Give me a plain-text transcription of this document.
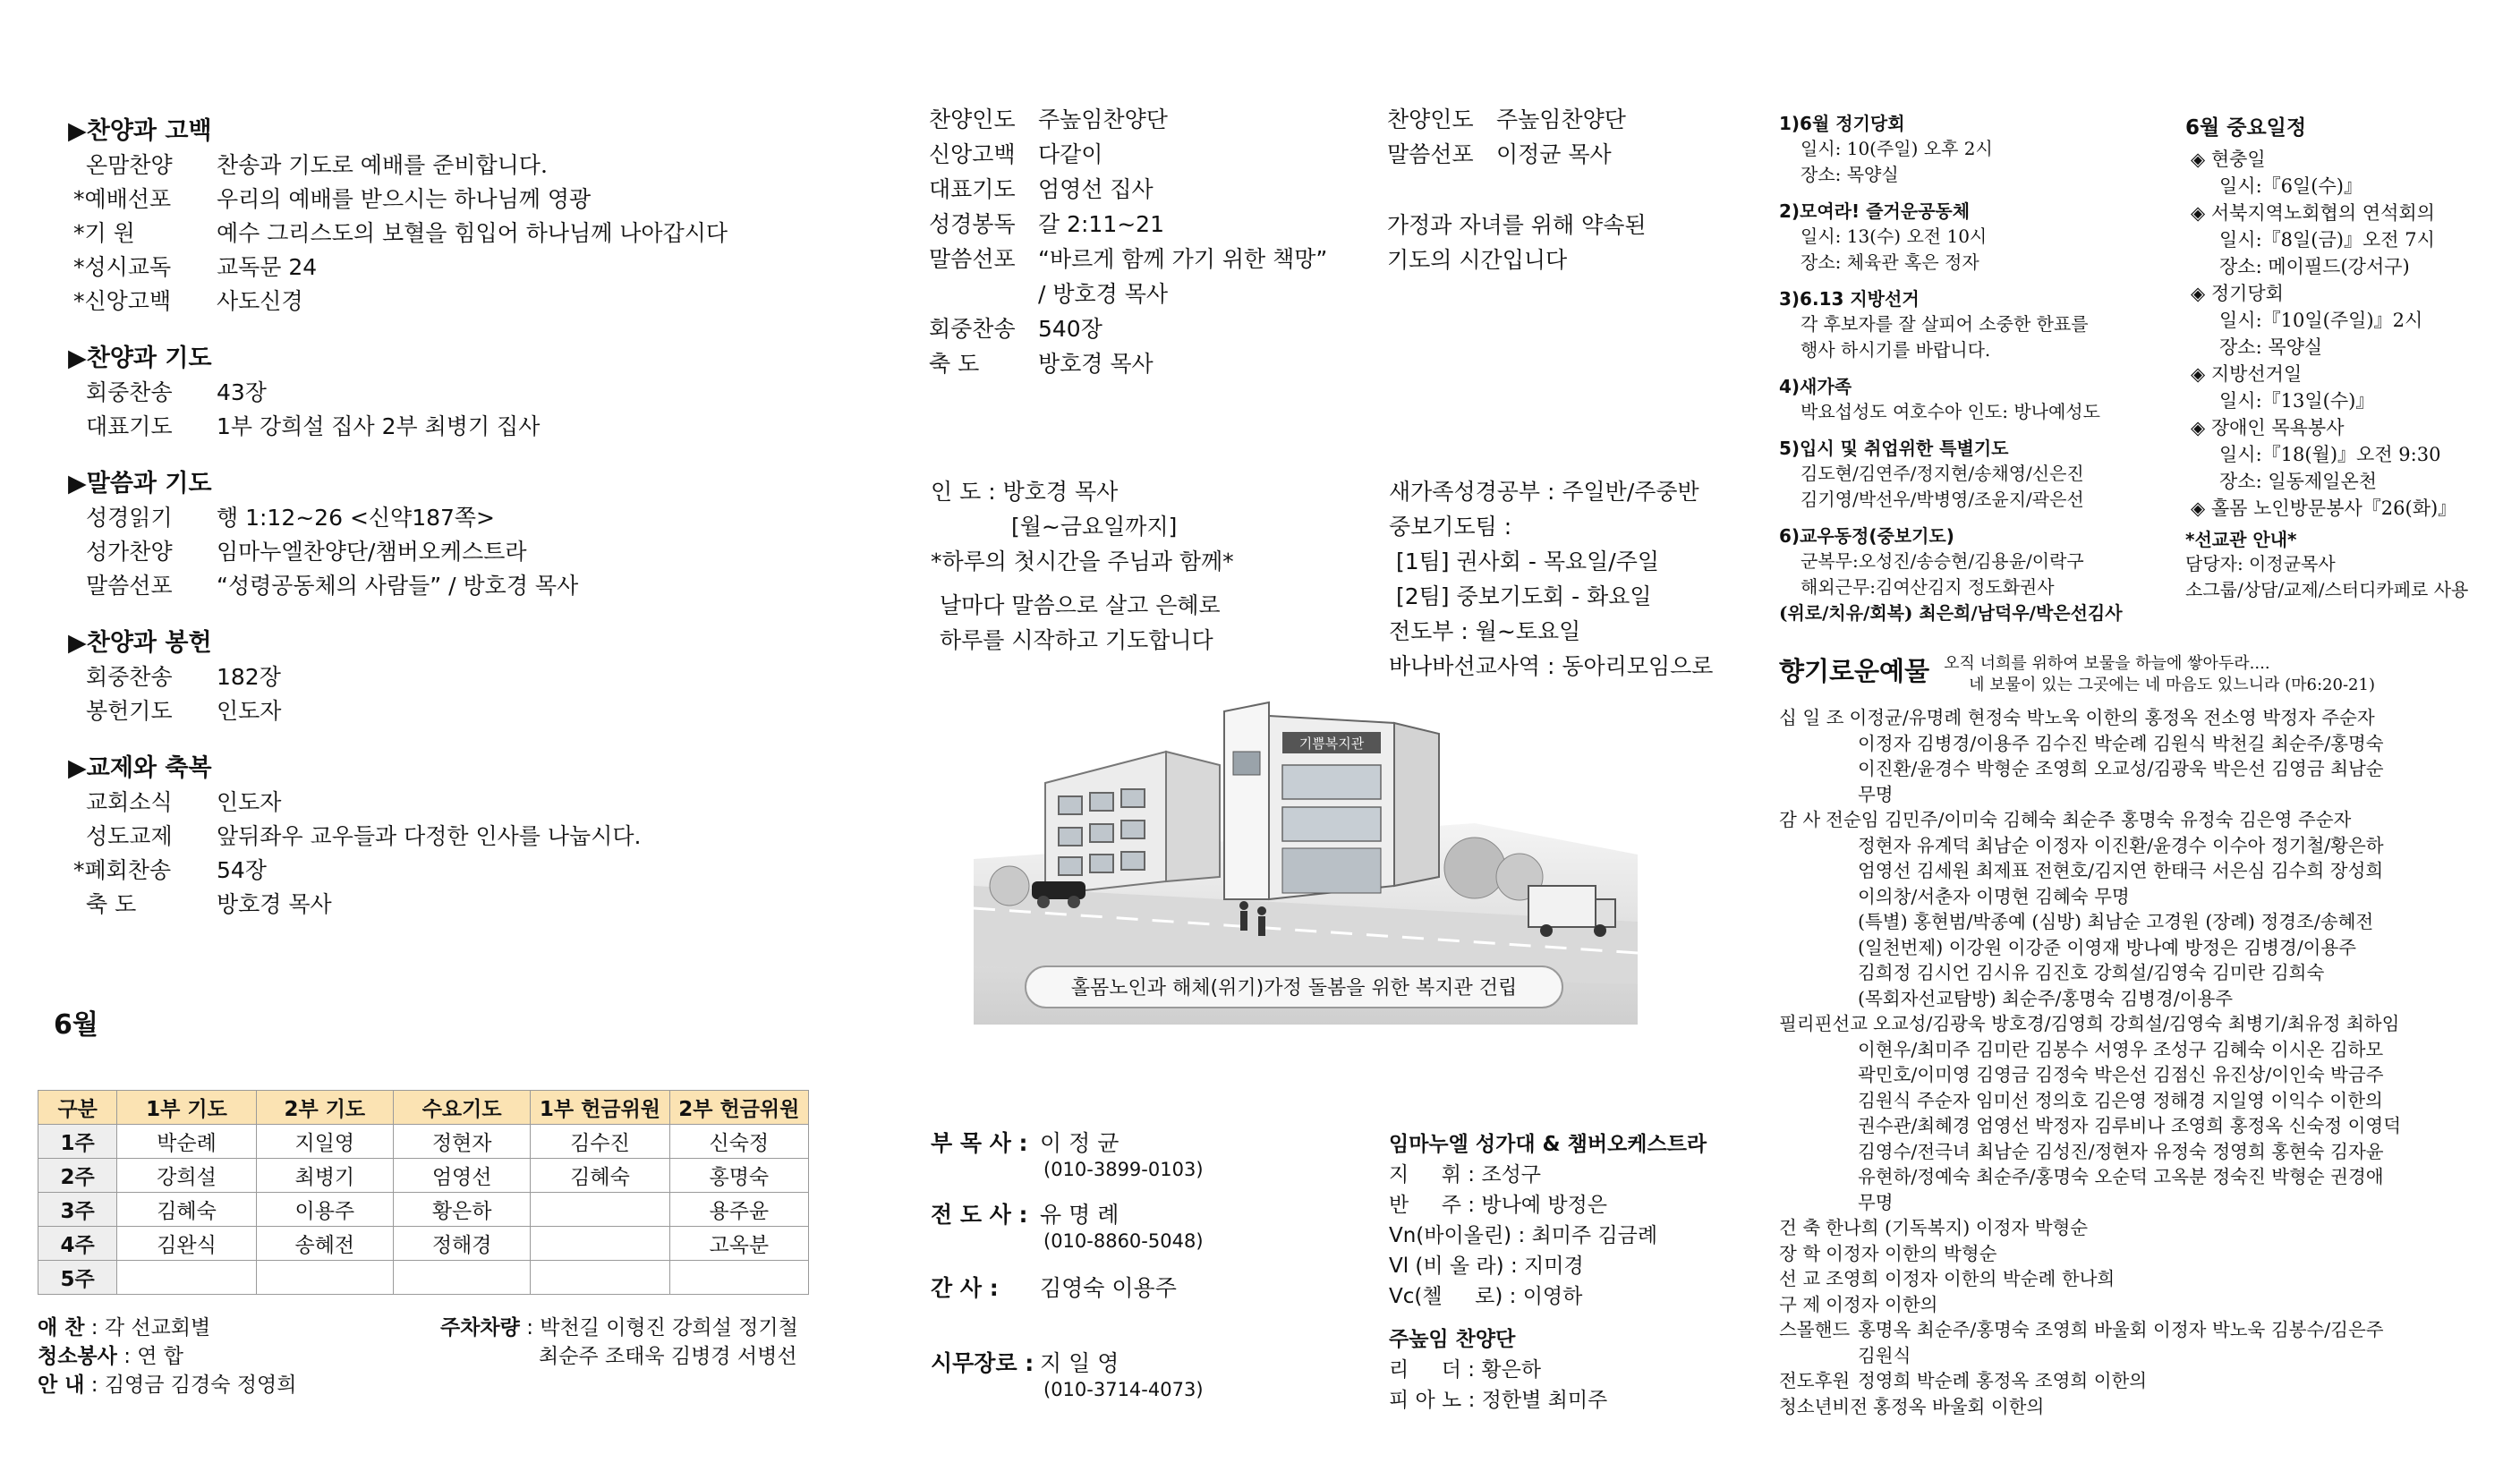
▶찬양과 고백
온맘찬양 찬송과 기도로 예배를 준비합니다.
*예배선포 우리의 예배를 받으시는 하나님께 영광
*기 원	예수 그리스도의 보혈을 힘입어 하나님께 나아갑시다
*성시교독 교독문 24
*신앙고백 사도신경
▶찬양과 기도
회중찬송 43장
대표기도 1부 강희설 집사 2부 최병기 집사
▶말씀과 기도
성경읽기 행 1:12~26 <신약187쪽>
성가찬양 임마누엘찬양단/챔버오케스트라
말씀선포 “성령공동체의 사람들” / 방호경 목사
▶찬양과 봉헌
회중찬송 182장
봉헌기도 인도자
▶교제와 축복
교회소식 인도자
성도교제 앞뒤좌우 교우들과 다정한 인사를 나눕시다.
*폐회찬송 54장
축 도	방호경 목사
6월
구분	1부 기도	2부 기도	수요기도	1부 헌금위원	2부 헌금위원
1주	박순례	지일영	정현자	김수진	신숙정
2주	강희설	최병기	엄영선	김혜숙	홍명숙
3주	김혜숙	이용주	황은하		용주윤
4주	김완식	송혜전	정해경		고옥분
5주					
애 찬 : 각 선교회별
청소봉사 : 연 합
안 내 : 김영금 김경숙 정영희
주차차량 : 박천길 이형진 강희설 정기철
최순주 조태욱 김병경 서병선
찬양인도 주높임찬양단
신앙고백 다같이
대표기도 엄영선 집사
성경봉독 갈 2:11~21
말씀선포 “바르게 함께 가기 위한 책망”
/ 방호경 목사
회중찬송 540장
축 도	방호경 목사
인 도 : 방호경 목사
[월~금요일까지]
*하루의 첫시간을 주님과 함께*
날마다 말씀으로 살고 은혜로
하루를 시작하고 기도합니다
기쁨복지관
홀몸노인과 해체(위기)가정 돌봄을 위한 복지관 건립
부 목 사 : 이 정 균
(010-3899-0103)
전 도 사 : 유 명 례
(010-8860-5048)
간 사 : 김영숙 이용주
시무장로 : 지 일 영
(010-3714-4073)
찬양인도 주높임찬양단
말씀선포 이정균 목사
가정과 자녀를 위해 약속된
기도의 시간입니다
새가족성경공부 : 주일반/주중반
중보기도팀 :
[1팀] 권사회 - 목요일/주일
[2팀] 중보기도회 - 화요일
전도부 : 월~토요일
바나바선교사역 : 동아리모임으로
임마누엘 성가대 & 챔버오케스트라
지     휘 : 조성구
반     주 : 방나예 방정은
Vn(바이올린) : 최미주 김금례
Vl (비 올 라) : 지미경
Vc(첼     로) : 이영하
주높임 찬양단
리     더 : 황은하
피 아 노 : 정한별 최미주
1)6월 정기당회
일시: 10(주일) 오후 2시
장소: 목양실
2)모여라! 즐거운공동체
일시: 13(수) 오전 10시
장소: 체육관 혹은 정자
3)6.13 지방선거
각 후보자를 잘 살피어 소중한 한표를
행사 하시기를 바랍니다.
4)새가족
박요섭성도 여호수아 인도: 방나예성도
5)입시 및 취업위한 특별기도
김도현/김연주/정지현/송채영/신은진
김기영/박선우/박병영/조윤지/곽은선
6)교우동정(중보기도)
군복무:오성진/송승현/김용윤/이락구
해외근무:김여산김지 정도화권사
(위로/치유/회복) 최은희/남덕우/박은선김사
6월 중요일정
◈ 현충일
일시:『6일(수)』
◈ 서북지역노회협의 연석회의
일시:『8일(금)』오전 7시
장소: 메이필드(강서구)
◈ 정기당회
일시:『10일(주일)』2시
장소: 목양실
◈ 지방선거일
일시:『13일(수)』
◈ 장애인 목욕봉사
일시:『18(월)』오전 9:30
장소: 일동제일온천
◈ 홀몸 노인방문봉사『26(화)』
*선교관 안내*
담당자: 이정균목사
소그룹/상담/교제/스터디카페로 사용
향기로운예물 오직 너희를 위하여 보물을 하늘에 쌓아두라....
네 보물이 있는 그곳에는 네 마음도 있느니라 (마6:20-21)
십 일 조 이정균/유명례 현정숙 박노욱 이한의 홍정옥 전소영 박정자 주순자
이정자 김병경/이용주 김수진 박순례 김원식 박천길 최순주/홍명숙
이진환/윤경수 박형순 조영희 오교성/김광욱 박은선 김영금 최남순
무명
감 사 전순임 김민주/이미숙 김혜숙 최순주 홍명숙 유정숙 김은영 주순자
정현자 유계덕 최남순 이정자 이진환/윤경수 이수아 정기철/황은하
엄영선 김세원 최제표 전현호/김지연 한태극 서은심 김수희 장성희
이의창/서춘자 이명현 김혜숙 무명
(특별) 홍현범/박종예 (심방) 최남순 고경원 (장례) 정경조/송혜전
(일천번제) 이강원 이강준 이영재 방나예 방정은 김병경/이용주
김희정 김시언 김시유 김진호 강희설/김영숙 김미란 김희숙
(목회자선교탐방) 최순주/홍명숙 김병경/이용주
필리핀선교 오교성/김광욱 방호경/김영희 강희설/김영숙 최병기/최유정 최하임
이현우/최미주 김미란 김봉수 서영우 조성구 김혜숙 이시온 김하모
곽민호/이미영 김영금 김정숙 박은선 김점신 유진상/이인숙 박금주
김원식 주순자 임미선 정의호 김은영 정해경 지일영 이익수 이한의
권수관/최혜경 엄영선 박정자 김루비나 조영희 홍정옥 신숙정 이영덕
김영수/전극녀 최남순 김성진/정현자 유정숙 정영희 홍현숙 김자윤
유현하/정예숙 최순주/홍명숙 오순덕 고옥분 정숙진 박형순 권경애
무명
건 축 한나희 (기독복지) 이정자 박형순
장 학 이정자 이한의 박형순
선 교 조영희 이정자 이한의 박순례 한나희
구 제 이정자 이한의
스몰핸드 홍명옥 최순주/홍명숙 조영희 바울회 이정자 박노욱 김봉수/김은주
김원식
전도후원 정영희 박순례 홍정옥 조영희 이한의
청소년비전 홍정옥 바울회 이한의
